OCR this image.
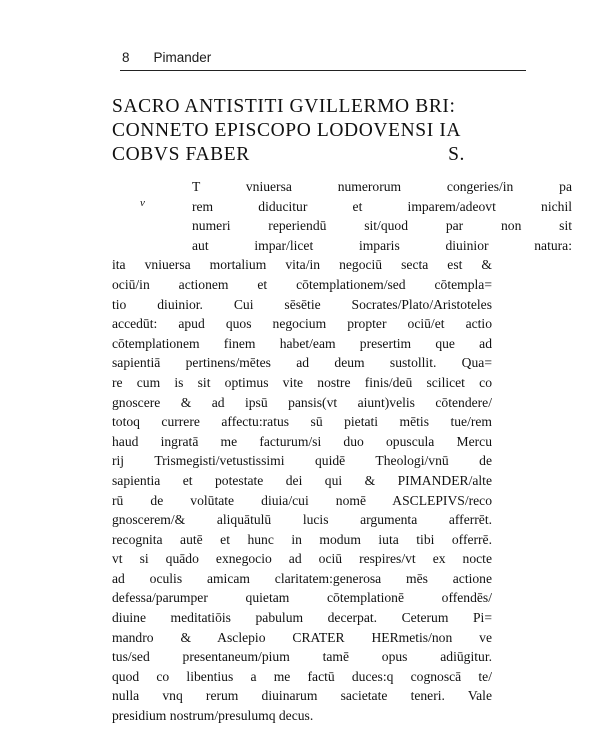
8 Pimander
SACRO ANTISTITI GVILLERMO BRI:
CONNETO EPISCOPO LODOVENSI IA
COBVS FABER	S.
v
T vniuersa numerorum congeries/in pa
rem diducitur et imparem/adeovt nichil
numeri reperiendū sit/quod par non sit
aut impar/licet imparis diuinior natura:
ita vniuersa mortalium vita/in negociū secta est &
ociū/in actionem et cōtemplationem/sed cōtempla=
tio diuinior. Cui sēsētie Socrates/Plato/Aristoteles
accedūt: apud quos negocium propter ociū/et actio
cōtemplationem finem habet/eam presertim que ad
sapientiā pertinens/mētes ad deum sustollit. Qua=
re cum is sit optimus vite nostre finis/deū scilicet co
gnoscere & ad ipsū pansis(vt aiunt)velis cōtendere/
totoq currere affectu:ratus sū pietati mētis tue/rem
haud ingratā me facturum/si duo opuscula Mercu
rij Trismegisti/vetustissimi quidē Theologi/vnū de
sapientia et potestate dei qui & PIMANDER/alte
rū de volūtate diuia/cui nomē ASCLEPIVS/reco
gnoscerem/& aliquātulū lucis argumenta afferrēt.
recognita autē et hunc in modum iuta tibi offerrē.
vt si quādo exnegocio ad ociū respires/vt ex nocte
ad oculis amicam claritatem:generosa mēs actione
defessa/parumper quietam cōtemplationē offendēs/
diuine meditatiōis pabulum decerpat. Ceterum Pi=
mandro & Asclepio CRATER HERmetis/non ve
tus/sed presentaneum/pium tamē opus adiūgitur.
quod co libentius a me factū duces:q cognoscā te/
nulla vnq rerum diuinarum sacietate teneri. Vale
presidium nostrum/presulumq decus.
